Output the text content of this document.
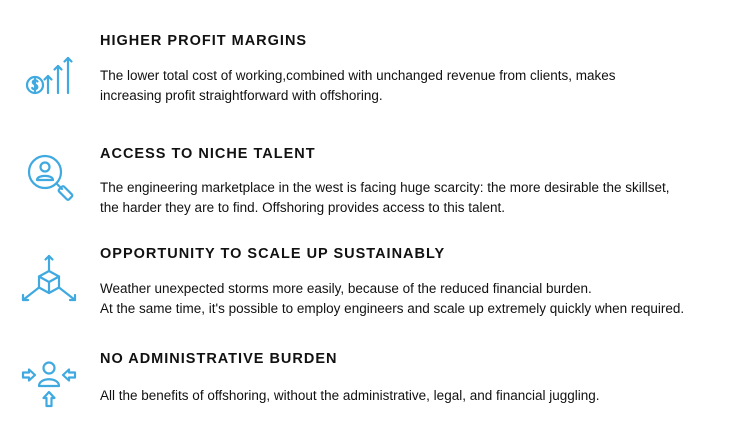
HIGHER PROFIT MARGINS
The lower total cost of working,combined with unchanged revenue from clients, makes
increasing profit straightforward with offshoring.
ACCESS TO NICHE TALENT
The engineering marketplace in the west is facing huge scarcity: the more desirable the skillset,
the harder they are to find. Offshoring provides access to this talent.
OPPORTUNITY TO SCALE UP SUSTAINABLY
Weather unexpected storms more easily, because of the reduced financial burden.
At the same time, it's possible to employ engineers and scale up extremely quickly when required.
NO ADMINISTRATIVE BURDEN
All the benefits of offshoring, without the administrative, legal, and financial juggling.
